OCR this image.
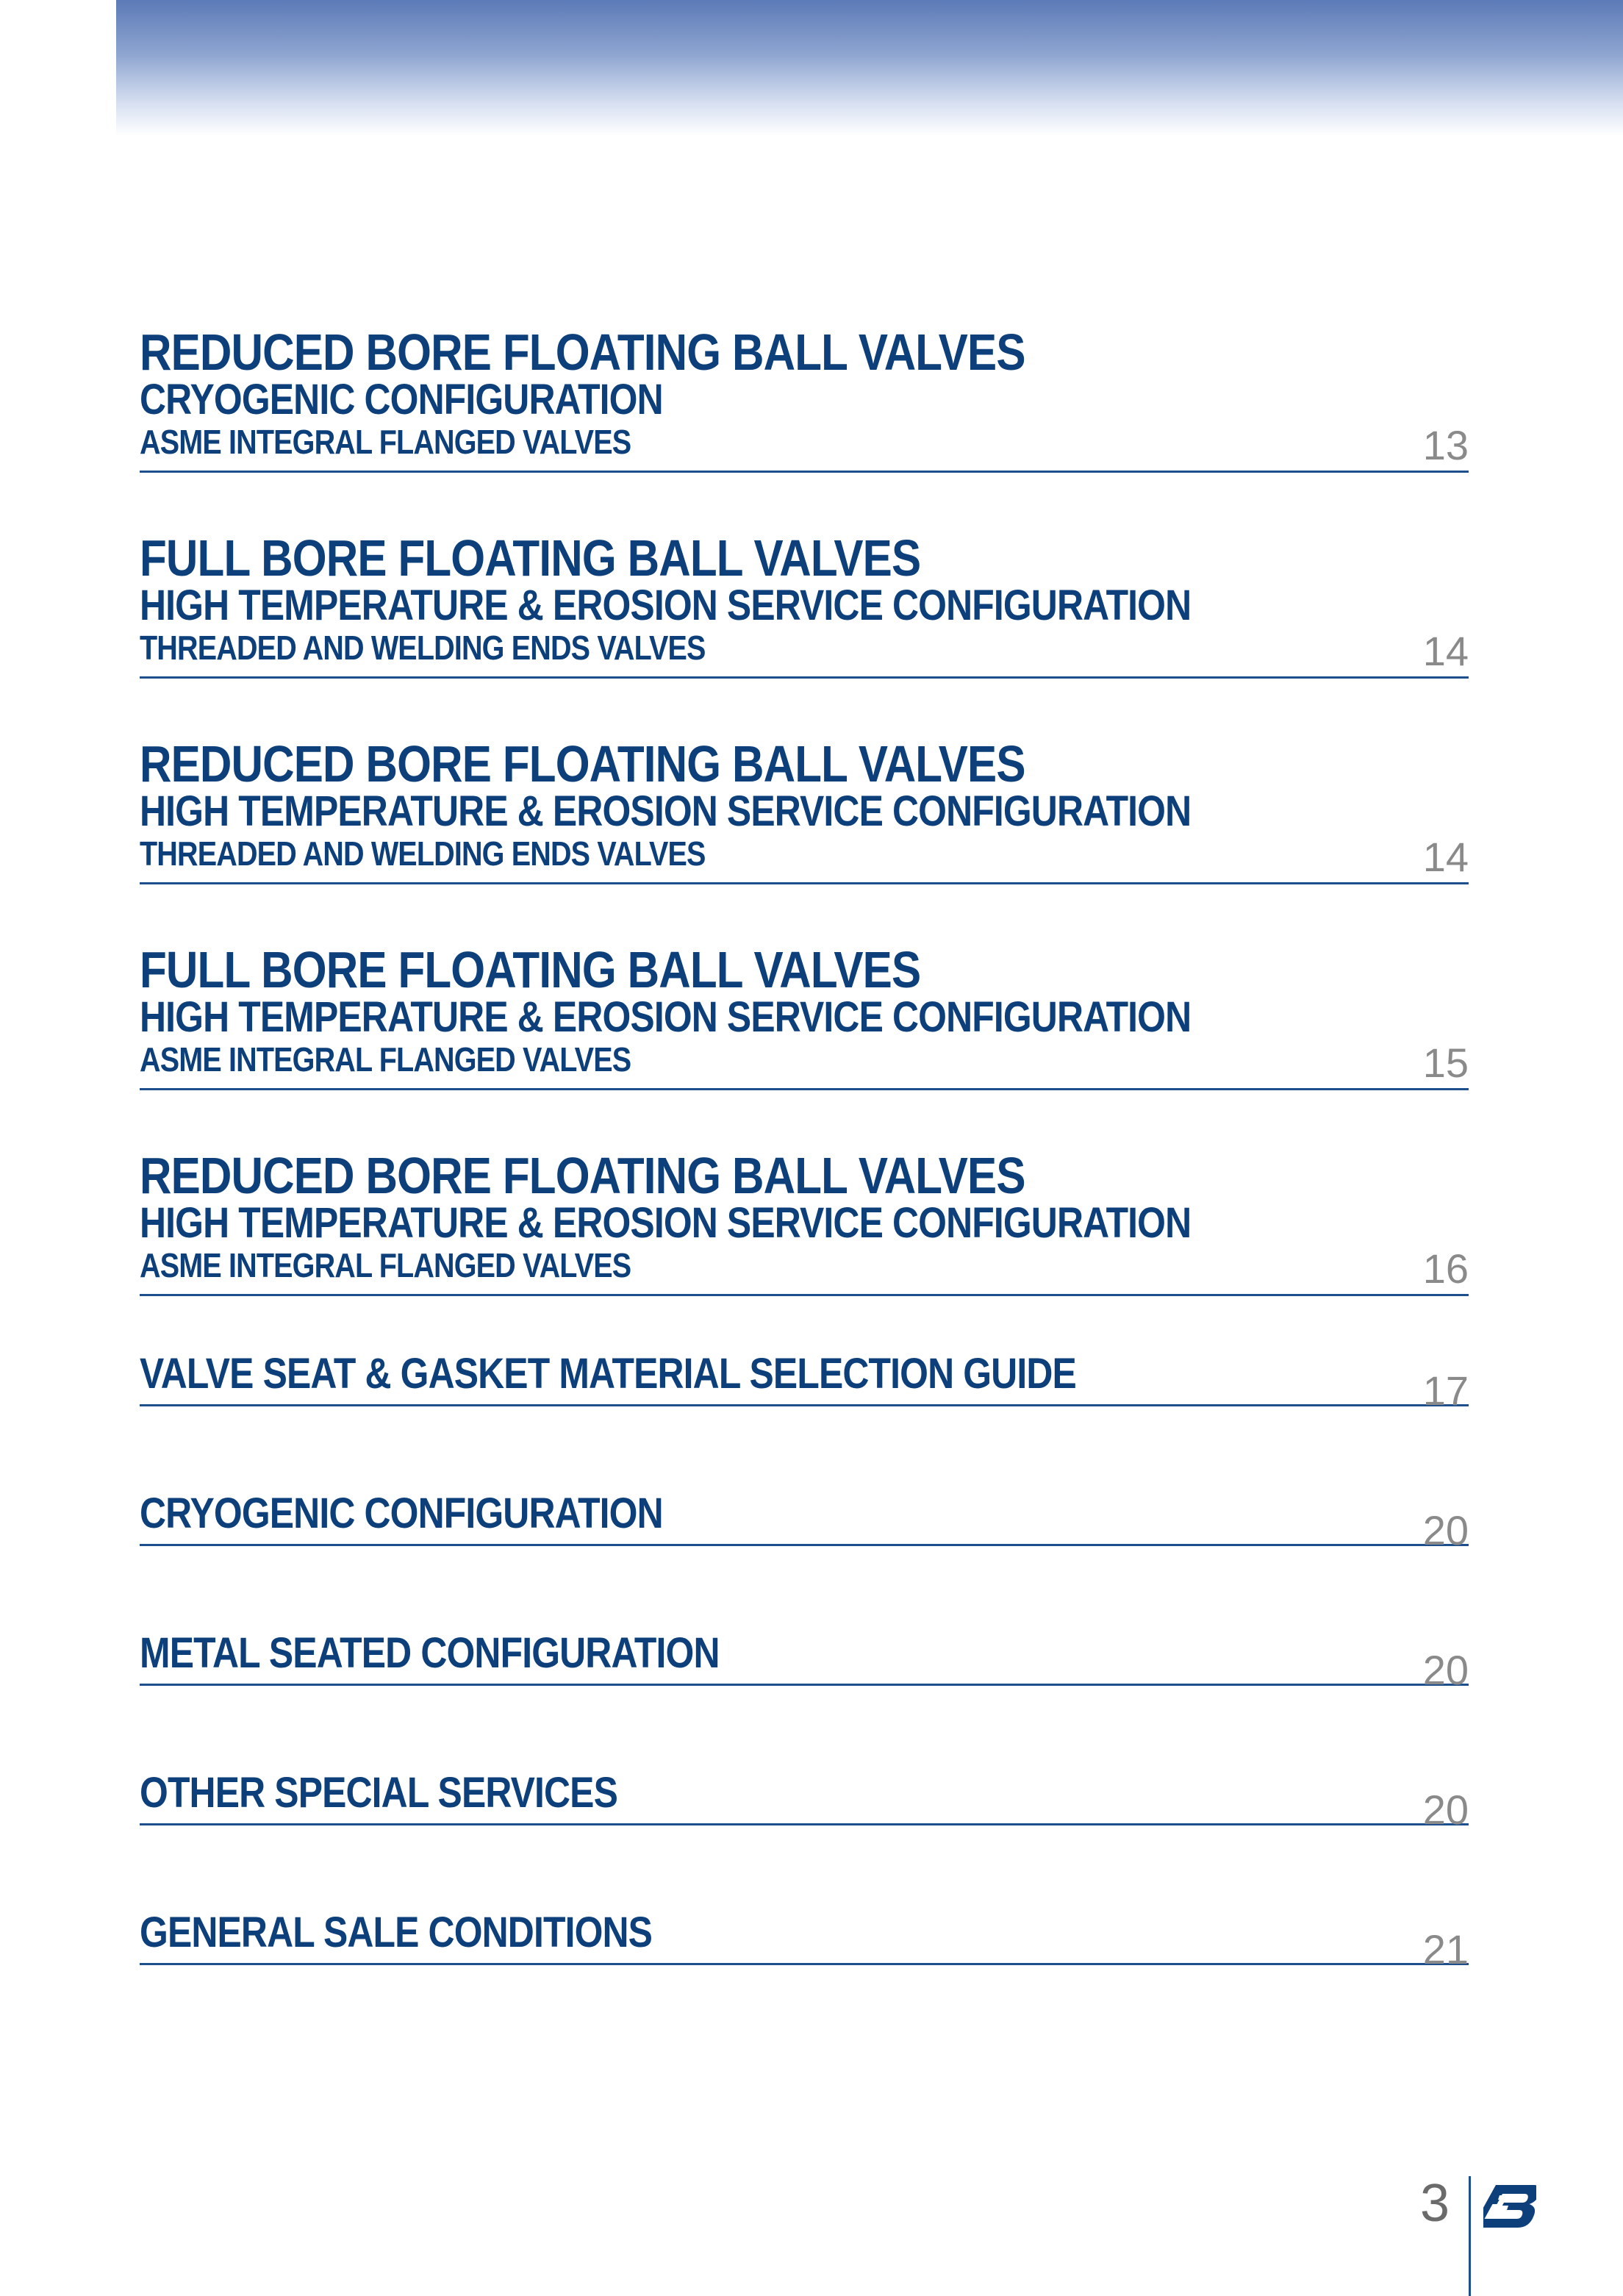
REDUCED BORE FLOATING BALL VALVES
CRYOGENIC CONFIGURATION
ASME INTEGRAL FLANGED VALVES	13
FULL BORE FLOATING BALL VALVES
HIGH TEMPERATURE & EROSION SERVICE CONFIGURATION
THREADED AND WELDING ENDS VALVES	14
REDUCED BORE FLOATING BALL VALVES
HIGH TEMPERATURE & EROSION SERVICE CONFIGURATION
THREADED AND WELDING ENDS VALVES	14
FULL BORE FLOATING BALL VALVES
HIGH TEMPERATURE & EROSION SERVICE CONFIGURATION
ASME INTEGRAL FLANGED VALVES	15
REDUCED BORE FLOATING BALL VALVES
HIGH TEMPERATURE & EROSION SERVICE CONFIGURATION
ASME INTEGRAL FLANGED VALVES	16
VALVE SEAT & GASKET MATERIAL SELECTION GUIDE	17
CRYOGENIC CONFIGURATION	20
METAL SEATED CONFIGURATION	20
OTHER SPECIAL SERVICES	20
GENERAL SALE CONDITIONS	21
3
